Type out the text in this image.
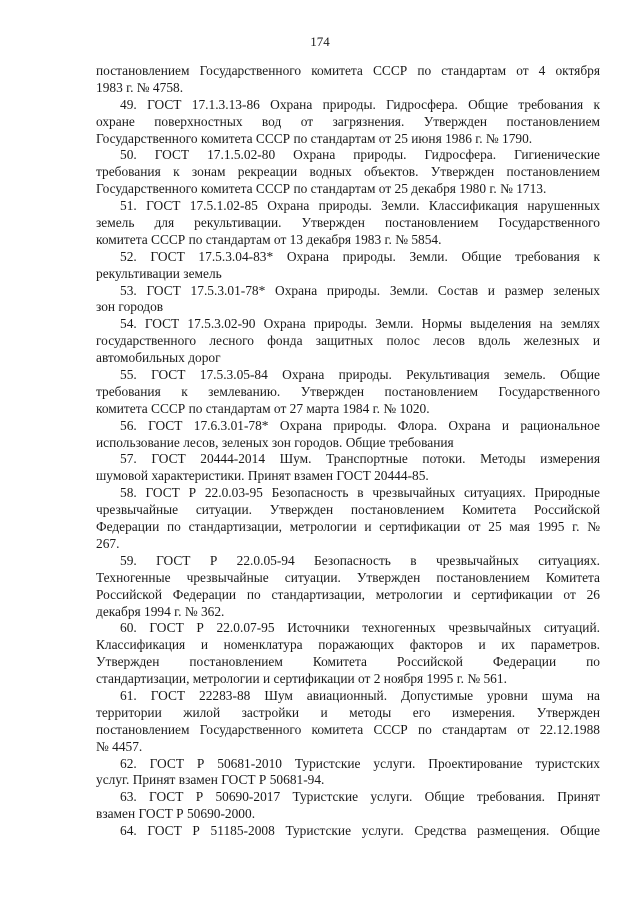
174
постановлением Государственного комитета СССР по стандартам от 4 октября
1983 г. № 4758.
49. ГОСТ 17.1.3.13-86 Охрана природы. Гидросфера. Общие требования к
охране поверхностных вод от загрязнения. Утвержден постановлением
Государственного комитета СССР по стандартам от 25 июня 1986 г. № 1790.
50. ГОСТ 17.1.5.02-80 Охрана природы. Гидросфера. Гигиенические
требования к зонам рекреации водных объектов. Утвержден постановлением
Государственного комитета СССР по стандартам от 25 декабря 1980 г. № 1713.
51. ГОСТ 17.5.1.02-85 Охрана природы. Земли. Классификация нарушенных
земель для рекультивации. Утвержден постановлением Государственного
комитета СССР по стандартам от 13 декабря 1983 г. № 5854.
52. ГОСТ 17.5.3.04-83* Охрана природы. Земли. Общие требования к
рекультивации земель
53. ГОСТ 17.5.3.01-78* Охрана природы. Земли. Состав и размер зеленых
зон городов
54. ГОСТ 17.5.3.02-90 Охрана природы. Земли. Нормы выделения на землях
государственного лесного фонда защитных полос лесов вдоль железных и
автомобильных дорог
55. ГОСТ 17.5.3.05-84 Охрана природы. Рекультивация земель. Общие
требования к землеванию. Утвержден постановлением Государственного
комитета СССР по стандартам от 27 марта 1984 г. № 1020.
56. ГОСТ 17.6.3.01-78* Охрана природы. Флора. Охрана и рациональное
использование лесов, зеленых зон городов. Общие требования
57. ГОСТ 20444-2014 Шум. Транспортные потоки. Методы измерения
шумовой характеристики. Принят взамен ГОСТ 20444-85.
58. ГОСТ Р 22.0.03-95 Безопасность в чрезвычайных ситуациях. Природные
чрезвычайные ситуации. Утвержден постановлением Комитета Российской
Федерации по стандартизации, метрологии и сертификации от 25 мая 1995 г. №
267.
59. ГОСТ Р 22.0.05-94 Безопасность в чрезвычайных ситуациях.
Техногенные чрезвычайные ситуации. Утвержден постановлением Комитета
Российской Федерации по стандартизации, метрологии и сертификации от 26
декабря 1994 г. № 362.
60. ГОСТ Р 22.0.07-95 Источники техногенных чрезвычайных ситуаций.
Классификация и номенклатура поражающих факторов и их параметров.
Утвержден постановлением Комитета Российской Федерации по
стандартизации, метрологии и сертификации от 2 ноября 1995 г. № 561.
61. ГОСТ 22283-88 Шум авиационный. Допустимые уровни шума на
территории жилой застройки и методы его измерения. Утвержден
постановлением Государственного комитета СССР по стандартам от 22.12.1988
№ 4457.
62. ГОСТ Р 50681-2010 Туристские услуги. Проектирование туристских
услуг. Принят взамен ГОСТ Р 50681-94.
63. ГОСТ Р 50690-2017 Туристские услуги. Общие требования. Принят
взамен ГОСТ Р 50690-2000.
64. ГОСТ Р 51185-2008 Туристские услуги. Средства размещения. Общие
